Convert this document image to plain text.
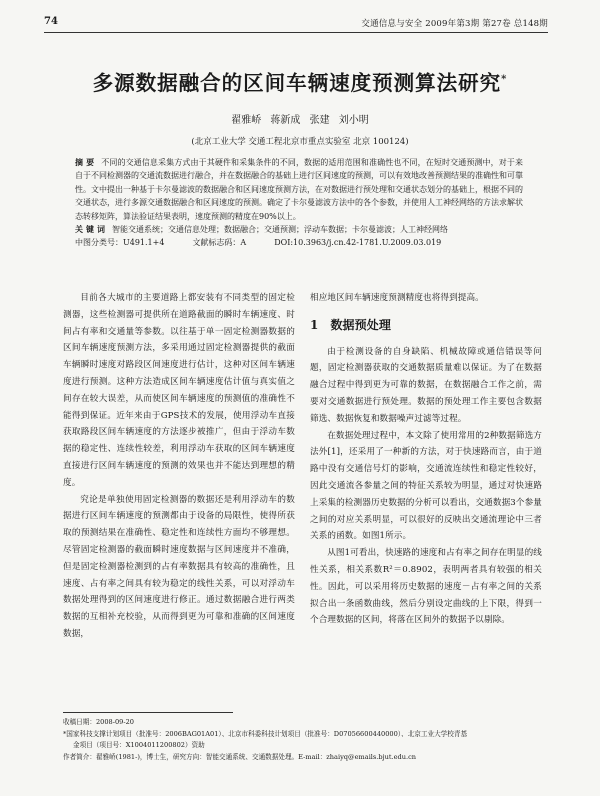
74	交通信息与安全 2009年第3期 第27卷 总148期
多源数据融合的区间车辆速度预测算法研究*
翟雅峤 蒋新成 张建 刘小明
(北京工业大学 交通工程北京市重点实验室 北京 100124)

摘要 不同的交通信息采集方式由于其硬件和采集条件的不同，数据的适用范围和准确性也不同，在短时交通预测中，对于来自于不同检测器的交通流数据进行融合，并在数据融合的基础上进行区间速度的预测，可以有效地改善预测结果的准确性和可靠性。文中提出一种基于卡尔曼滤波的数据融合和区间速度预测方法，在对数据进行预处理和交通状态划分的基础上，根据不同的交通状态，进行多源交通数据融合和区间速度的预测。确定了卡尔曼滤波方法中的各个参数，并使用人工神经网络的方法求解状态转移矩阵，算法验证结果表明，速度预测的精度在90%以上。

关键词 智能交通系统；交通信息处理；数据融合；交通预测；浮动车数据；卡尔曼滤波；人工神经网络

中图分类号：U491.1+4	文献标志码：A	DOI:10.3963/j.cn.42-1781.U.2009.03.019

目前各大城市的主要道路上都安装有不同类型的固定检测器，这些检测器可提供所在道路截面的瞬时车辆速度、时间占有率和交通量等参数。以往基于单一固定检测器数据的区间车辆速度预测方法，多采用通过固定检测器提供的截面车辆瞬时速度对路段区间速度进行估计，这种对区间车辆速度进行预测。这种方法造成区间车辆速度估计值与真实值之间存在较大误差，从而使区间车辆速度的预测值的准确性不能得到保证。近年来由于GPS技术的发展，使用浮动车直接获取路段区间车辆速度的方法逐步被推广，但由于浮动车数据的稳定性、连续性较差，利用浮动车获取的区间车辆速度直接进行区间车辆速度的预测的效果也并不能达到理想的精度。

究论是单独使用固定检测器的数据还是利用浮动车的数据进行区间车辆速度的预测都由于设备的局限性，使得所获取的预测结果在准确性、稳定性和连续性方面均不够理想。尽管固定检测器的截面瞬时速度数据与区间速度并不准确，但是固定检测器检测到的占有率数据具有较高的准确性，且速度、占有率之间具有较为稳定的线性关系，可以对浮动车数据处理得到的区间速度进行修正。通过数据融合进行两类数据的互相补充校验，从而得到更为可靠和准确的区间速度数据，

相应地区间车辆速度预测精度也将得到提高。

1 数据预处理

由于检测设备的自身缺陷、机械故障或通信错误等问题，固定检测器获取的交通数据质量难以保证。为了在数据融合过程中得到更为可靠的数据，在数据融合工作之前，需要对交通数据进行预处理。数据的预处理工作主要包含数据筛选、数据恢复和数据噪声过滤等过程。

在数据处理过程中，本文除了使用常用的2种数据筛选方法外[1]，还采用了一种新的方法，对于快速路而言，由于道路中没有交通信号灯的影响，交通流连续性和稳定性较好，因此交通流各参量之间的特征关系较为明显，通过对快速路上采集的检测器历史数据的分析可以看出，交通数据3个参量之间的对应关系明显，可以很好的反映出交通流理论中三者关系的函数。如图1所示。

从图1可看出，快速路的速度和占有率之间存在明显的线性关系，相关系数R²＝0.8902，表明两者具有较强的相关性。因此，可以采用将历史数据的速度－占有率之间的关系拟合出一条函数曲线，然后分别设定曲线的上下限，得到一个合理数据的区间，将落在区间外的数据予以剔除。

收稿日期：2008-09-20

*国家科技支撑计划项目（批准号：2006BAG01A01）、北京市科委科技计划项目（批准号：D07056600440000）、北京工业大学校青基

金项目（项目号：X1004011200802）资助

作者简介：翟雅峤(1981-)，博士生，研究方向：智能交通系统、交通数据处理。E-mail：zhaiyq@emails.bjut.edu.cn
